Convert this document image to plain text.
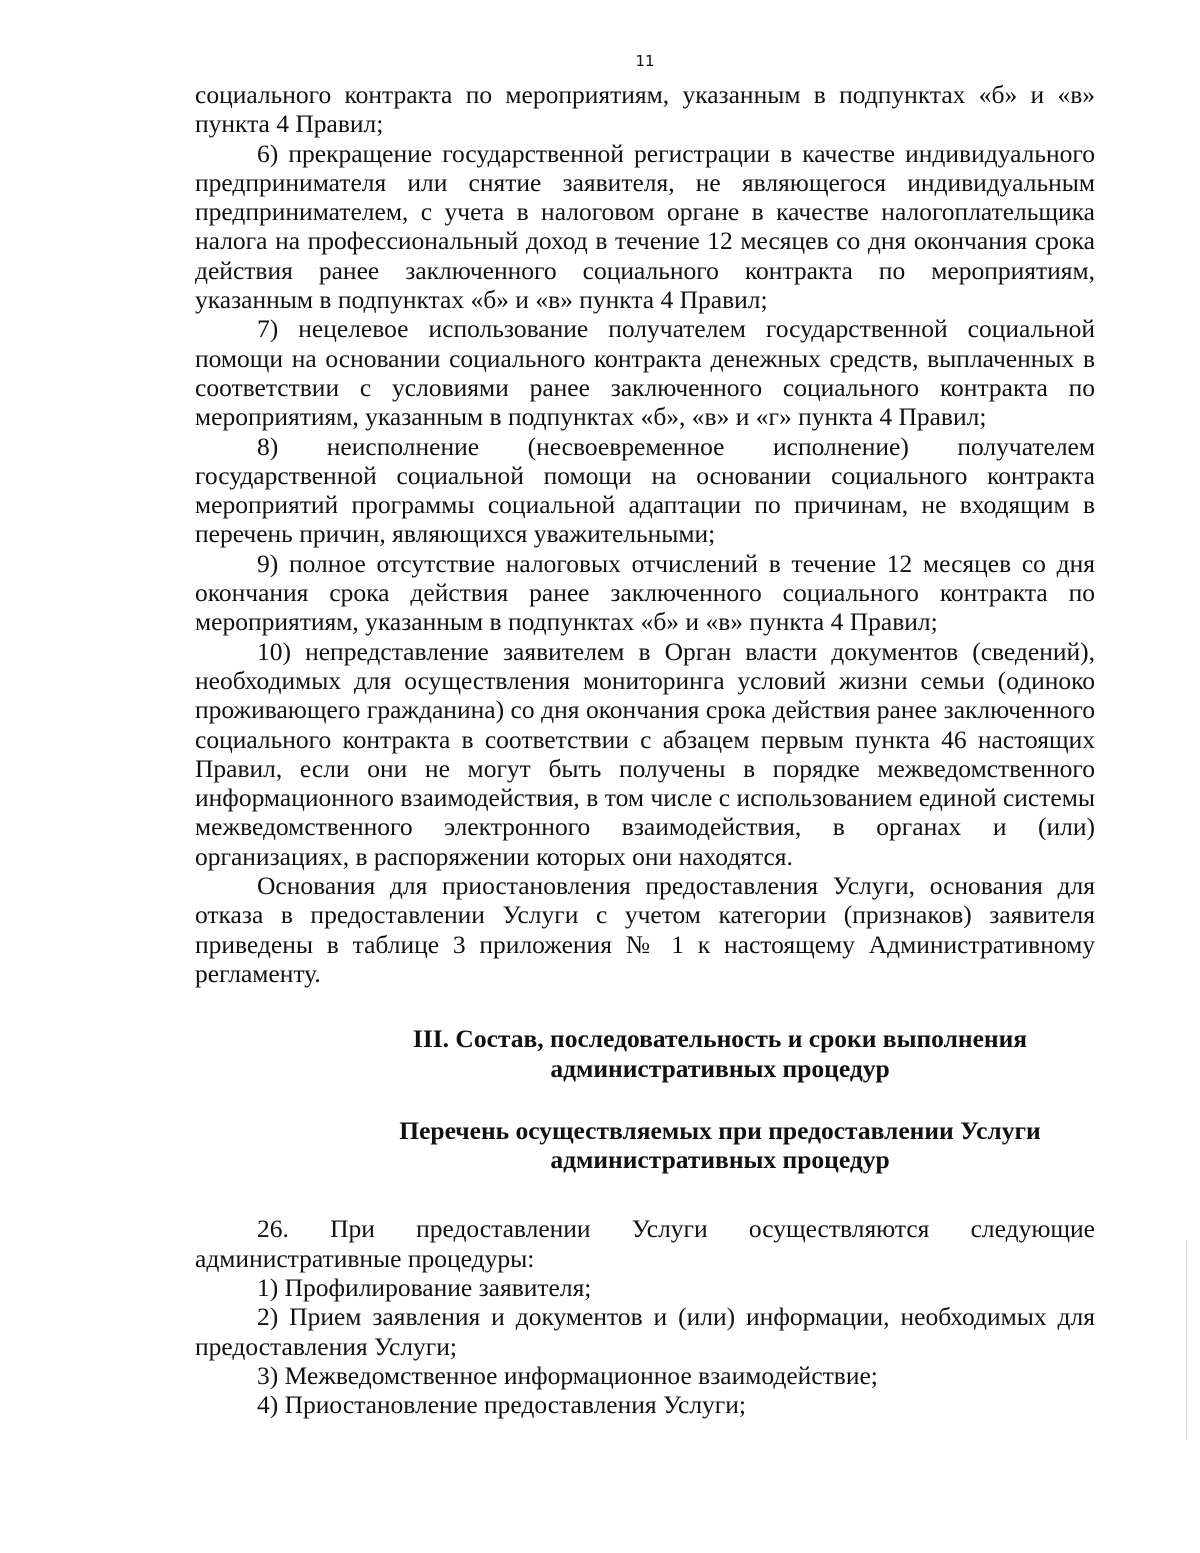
11

социального контракта по мероприятиям, указанным в подпунктах «б» и «в» пункта 4 Правил;

6) прекращение государственной регистрации в качестве индивидуального предпринимателя или снятие заявителя, не являющегося индивидуальным предпринимателем, с учета в налоговом органе в качестве налогоплательщика налога на профессиональный доход в течение 12 месяцев со дня окончания срока действия ранее заключенного социального контракта по мероприятиям, указанным в подпунктах «б» и «в» пункта 4 Правил;

7) нецелевое использование получателем государственной социальной помощи на основании социального контракта денежных средств, выплаченных в соответствии с условиями ранее заключенного социального контракта по мероприятиям, указанным в подпунктах «б», «в» и «г» пункта 4 Правил;

8) неисполнение (несвоевременное исполнение) получателем государственной социальной помощи на основании социального контракта мероприятий программы социальной адаптации по причинам, не входящим в перечень причин, являющихся уважительными;

9) полное отсутствие налоговых отчислений в течение 12 месяцев со дня окончания срока действия ранее заключенного социального контракта по мероприятиям, указанным в подпунктах «б» и «в» пункта 4 Правил;

10) непредставление заявителем в Орган власти документов (сведений), необходимых для осуществления мониторинга условий жизни семьи (одиноко проживающего гражданина) со дня окончания срока действия ранее заключенного социального контракта в соответствии с абзацем первым пункта 46 настоящих Правил, если они не могут быть получены в порядке межведомственного информационного взаимодействия, в том числе с использованием единой системы межведомственного электронного взаимодействия, в органах и (или) организациях, в распоряжении которых они находятся.

Основания для приостановления предоставления Услуги, основания для отказа в предоставлении Услуги с учетом категории (признаков) заявителя приведены в таблице 3 приложения № 1 к настоящему Административному регламенту.

III. Состав, последовательность и сроки выполнения
административных процедур

Перечень осуществляемых при предоставлении Услуги
административных процедур

26. При предоставлении Услуги осуществляются следующие административные процедуры:

1) Профилирование заявителя;

2) Прием заявления и документов и (или) информации, необходимых для предоставления Услуги;

3) Межведомственное информационное взаимодействие;

4) Приостановление предоставления Услуги;
